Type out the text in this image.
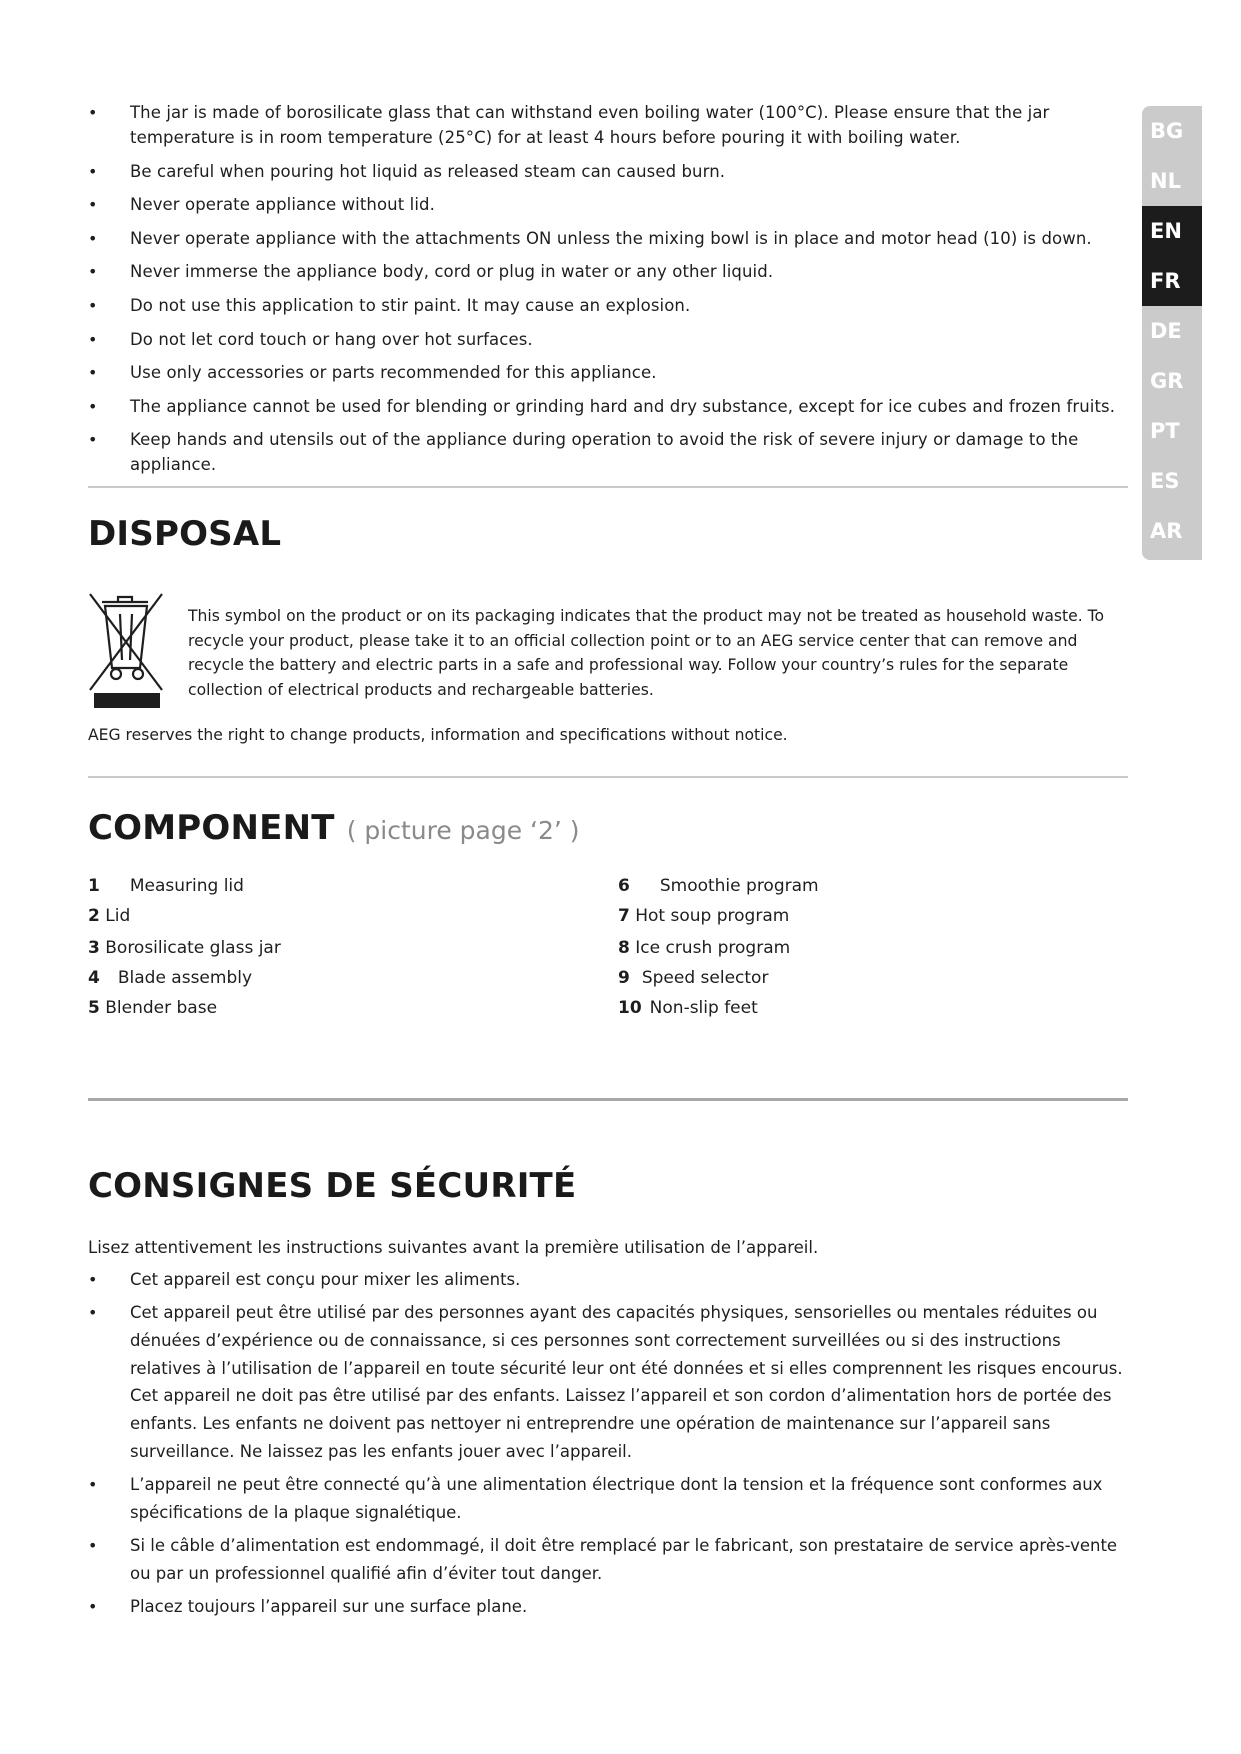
• The jar is made of borosilicate glass that can withstand even boiling water (100°C). Please ensure that the jar temperature is in room temperature (25°C) for at least 4 hours before pouring it with boiling water.
• Be careful when pouring hot liquid as released steam can caused burn.
• Never operate appliance without lid.
• Never operate appliance with the attachments ON unless the mixing bowl is in place and motor head (10) is down.
• Never immerse the appliance body, cord or plug in water or any other liquid.
• Do not use this application to stir paint. It may cause an explosion.
• Do not let cord touch or hang over hot surfaces.
• Use only accessories or parts recommended for this appliance.
• The appliance cannot be used for blending or grinding hard and dry substance, except for ice cubes and frozen fruits.
• Keep hands and utensils out of the appliance during operation to avoid the risk of severe injury or damage to the appliance.
DISPOSAL

This symbol on the product or on its packaging indicates that the product may not be treated as household waste. To recycle your product, please take it to an official collection point or to an AEG service center that can remove and recycle the battery and electric parts in a safe and professional way. Follow your country’s rules for the separate collection of electrical products and rechargeable batteries.

AEG reserves the right to change products, information and specifications without notice.

COMPONENT ( picture page ‘2’ )
1 Measuring lid
2 Lid
3 Borosilicate glass jar
4 Blade assembly
5 Blender base
6 Smoothie program
7 Hot soup program
8 Ice crush program
9 Speed selector
10 Non-slip feet
CONSIGNES DE SÉCURITÉ

Lisez attentivement les instructions suivantes avant la première utilisation de l’appareil.

• Cet appareil est conçu pour mixer les aliments.
• Cet appareil peut être utilisé par des personnes ayant des capacités physiques, sensorielles ou mentales réduites ou dénuées d’expérience ou de connaissance, si ces personnes sont correctement surveillées ou si des instructions relatives à l’utilisation de l’appareil en toute sécurité leur ont été données et si elles comprennent les risques encourus. Cet appareil ne doit pas être utilisé par des enfants. Laissez l’appareil et son cordon d’alimentation hors de portée des enfants. Les enfants ne doivent pas nettoyer ni entreprendre une opération de maintenance sur l’appareil sans surveillance. Ne laissez pas les enfants jouer avec l’appareil.
• L’appareil ne peut être connecté qu’à une alimentation électrique dont la tension et la fréquence sont conformes aux spécifications de la plaque signalétique.
• Si le câble d’alimentation est endommagé, il doit être remplacé par le fabricant, son prestataire de service après-vente ou par un professionnel qualifié afin d’éviter tout danger.
• Placez toujours l’appareil sur une surface plane.
BG
NL
EN
FR
DE
GR
PT
ES
AR
